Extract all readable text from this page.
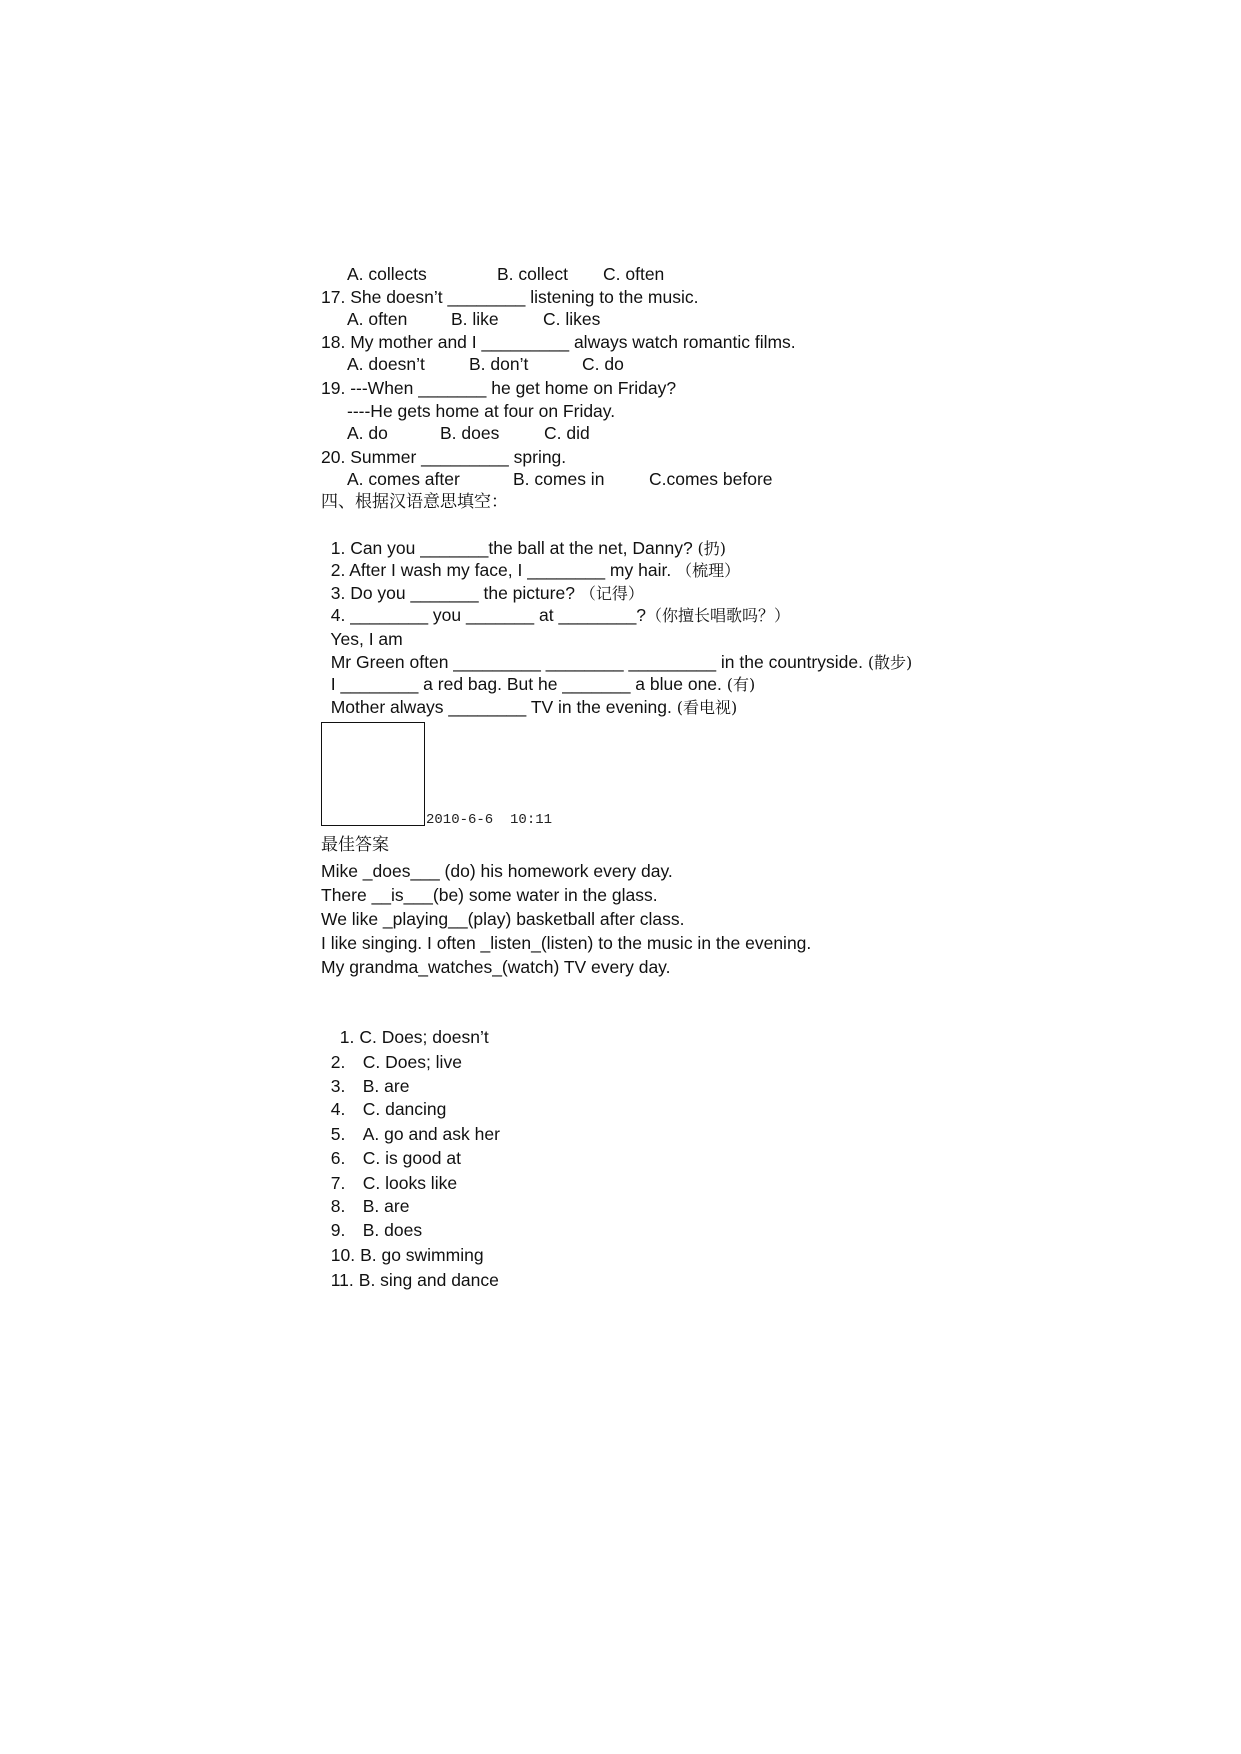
A. collects	B. collect C. often
17. She doesn’t ________ listening to the music.
A. often B. like	C. likes
18. My mother and I _________ always watch romantic films.
A. doesn’t	B. don’t	C. do
19. ---When _______ he get home on Friday?
----He gets home at four on Friday.
A. do	B. does	C. did
20. Summer _________ spring.
A. comes after	B. comes in	C.comes before
四、根据汉语意思填空：

1. Can you _______the ball at the net, Danny? (扔)

2. After I wash my face, I ________ my hair. （梳理）

3. Do you _______ the picture? （记得）

4. ________ you _______ at ________?（你擅长唱歌吗？）

Yes, I am

Mr Green often _________ ________ _________ in the countryside. (散步)

I ________ a red bag. But he _______ a blue one. (有)

Mother always ________ TV in the evening. (看电视)

2010-6-6  10:11
最佳答案
Mike _does___ (do) his homework every day.
There __is___(be) some water in the glass.
We like _playing__(play) basketball after class.
I like singing. I often _listen_(listen) to the music in the evening.
My grandma_watches_(watch) TV every day.

1. C. Does; doesn’t

2. C. Does; live

3. B. are

4. C. dancing

5. A. go and ask her

6. C. is good at

7. C. looks like

8. B. are

9. B. does

10. B. go swimming

11. B. sing and dance
